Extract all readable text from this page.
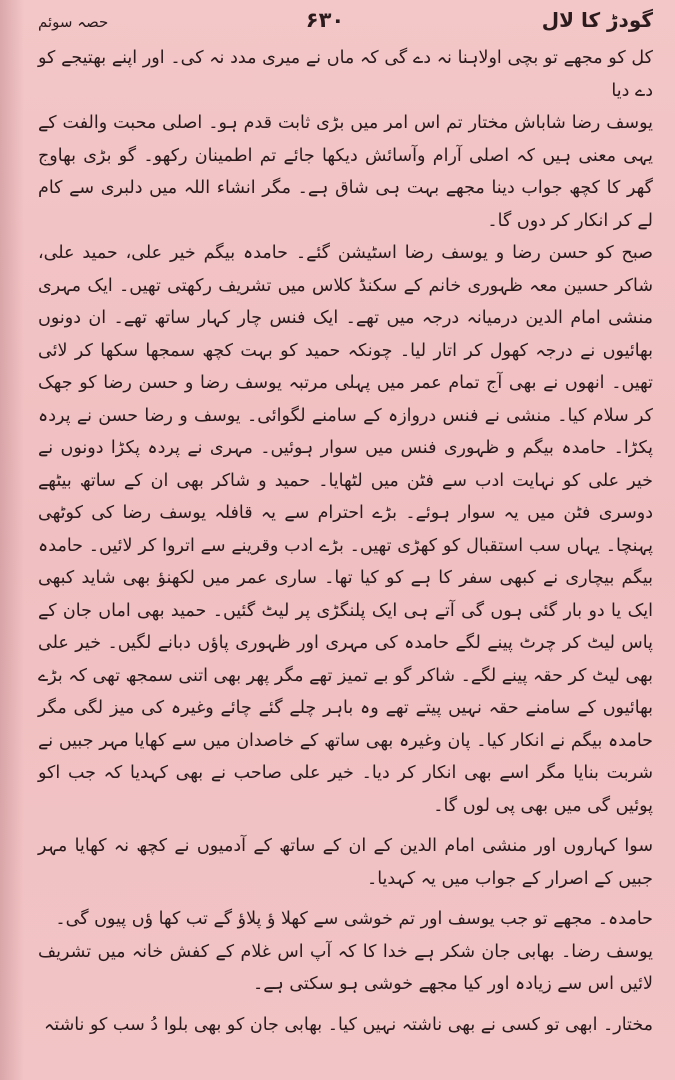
گودڑ کا لال
۶۳۰
حصہ سوئم

کل کو مجھے تو بچی اولاہنا نہ دے گی کہ ماں نے میری مدد نہ کی۔ اور اپنے بھتیجے کو دے دیا

یوسف رضا شاباش مختار تم اس امر میں بڑی ثابت قدم ہو۔ اصلی محبت والفت کے یہی معنی ہیں کہ اصلی آرام وآسائش دیکھا جائے تم اطمینان رکھو۔ گو بڑی بھاوج گھر کا کچھ جواب دینا مجھے بہت ہی شاق ہے۔ مگر انشاء اللہ میں دلبری سے کام لے کر انکار کر دوں گا۔

صبح کو حسن رضا و یوسف رضا اسٹیشن گئے۔ حامدہ بیگم خیر علی، حمید علی، شاکر حسین معہ ظہوری خانم کے سکنڈ کلاس میں تشریف رکھتی تھیں۔ ایک مہری منشی امام الدین درمیانہ درجہ میں تھے۔ ایک فنس چار کہار ساتھ تھے۔ ان دونوں بھائیوں نے درجہ کھول کر اتار لیا۔ چونکہ حمید کو بہت کچھ سمجھا سکھا کر لائی تھیں۔ انھوں نے بھی آج تمام عمر میں پہلی مرتبہ یوسف رضا و حسن رضا کو جھک کر سلام کیا۔ منشی نے فنس دروازہ کے سامنے لگوائی۔ یوسف و رضا حسن نے پردہ پکڑا۔ حامدہ بیگم و ظہوری فنس میں سوار ہوئیں۔ مہری نے پردہ پکڑا دونوں نے خیر علی کو نہایت ادب سے فٹن میں لٹھایا۔ حمید و شاکر بھی ان کے ساتھ بیٹھے دوسری فٹن میں یہ سوار ہوئے۔ بڑے احترام سے یہ قافلہ یوسف رضا کی کوٹھی پہنچا۔ یہاں سب استقبال کو کھڑی تھیں۔ بڑے ادب وقرینے سے اتروا کر لائیں۔ حامدہ بیگم بیچاری نے کبھی سفر کا ہے کو کیا تھا۔ ساری عمر میں لکھنؤ بھی شاید کبھی ایک یا دو بار گئی ہوں گی آتے ہی ایک پلنگڑی پر لیٹ گئیں۔ حمید بھی اماں جان کے پاس لیٹ کر چرٹ پینے لگے حامدہ کی مہری اور ظہوری پاؤں دبانے لگیں۔ خیر علی بھی لیٹ کر حقہ پینے لگے۔ شاکر گو بے تمیز تھے مگر پھر بھی اتنی سمجھ تھی کہ بڑے بھائیوں کے سامنے حقہ نہیں پیتے تھے وہ باہر چلے گئے چائے وغیرہ کی میز لگی مگر حامدہ بیگم نے انکار کیا۔ پان وغیرہ بھی ساتھ کے خاصدان میں سے کھایا مہر جبیں نے شربت بنایا مگر اسے بھی انکار کر دیا۔ خیر علی صاحب نے بھی کہدیا کہ جب اکو پوئیں گی میں بھی پی لوں گا۔

سوا کہاروں اور منشی امام الدین کے ان کے ساتھ کے آدمیوں نے کچھ نہ کھایا مہر جبیں کے اصرار کے جواب میں یہ کہدیا۔

حامدہ۔ مجھے تو جب یوسف اور تم خوشی سے کھلا ؤ پلاؤ گے تب کھا ؤں پیوں گی۔

یوسف رضا۔ بھابی جان شکر ہے خدا کا کہ آپ اس غلام کے کفش خانہ میں تشریف لائیں اس سے زیادہ اور کیا مجھے خوشی ہو سکتی ہے۔

مختار۔ ابھی تو کسی نے بھی ناشتہ نہیں کیا۔ بھابی جان کو بھی بلوا دُ سب کو ناشتہ
